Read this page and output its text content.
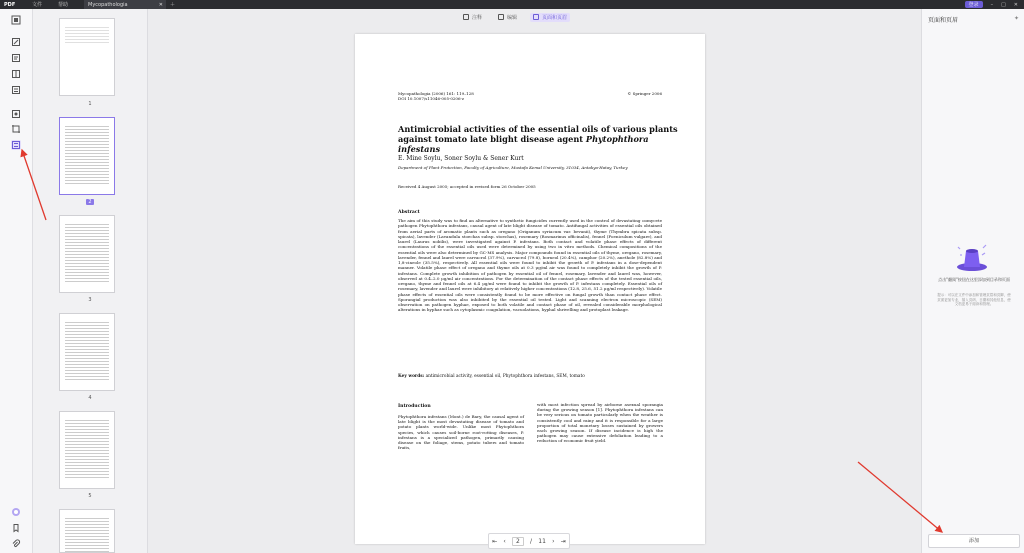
PDF	文件	帮助	Mycopathologia	✕ ＋	登录	– □ ✕
1
2
3
4
5
注释	编辑	页面和页眉
Mycopathologia (2006) 161: 119–128
DOI 10.1007/s11046-005-0206-z
© Springer 2006
Antimicrobial activities of the essential oils of various plants
against tomato late blight disease agent Phytophthora infestans
E. Mine Soylu, Soner Soylu & Sener Kurt
Department of Plant Protection, Faculty of Agriculture, Mustafa Kemal University, 31034, Antakya-Hatay, Turkey
Received 4 August 2005; accepted in revised form 26 October 2005
Abstract
The aim of this study was to find an alternative to synthetic fungicides currently used in the control of devastating oomycete pathogen Phytophthora infestans, causal agent of late blight disease of tomato. Antifungal activities of essential oils obtained from aerial parts of aromatic plants such as oregano (Origanum syriacum var. bevanii), thyme (Thymbra spicata subsp. spicata), lavender (Lavandula stoechas subsp. stoechas), rosemary (Rosmarinus officinalis), fennel (Foeniculum vulgare), and laurel (Laurus nobilis), were investigated against P. infestans. Both contact and volatile phase effects of different concentrations of the essential oils used were determined by using two in vitro methods. Chemical compositions of the essential oils were also determined by GC-MS analysis. Major compounds found in essential oils of thyme, oregano, rosemary, lavender, fennel and laurel were carvacrol (37.9%), carvacrol (79.8), borneol (20.4%), camphor (20.2%), anethole (82.8%) and 1,8-cineole (35.5%), respectively. All essential oils were found to inhibit the growth of P. infestans in a dose-dependent manner. Volatile phase effect of oregano and thyme oils at 0.3 μg/ml air was found to completely inhibit the growth of P. infestans. Complete growth inhibition of pathogen by essential oil of fennel, rosemary, lavender and laurel was, however, observed at 0.4–2.0 μg/ml air concentrations. For the determination of the contact phase effects of the tested essential oils, oregano, thyme and fennel oils at 6.4 μg/ml were found to inhibit the growth of P. infestans completely. Essential oils of rosemary, lavender and laurel were inhibitory at relatively higher concentrations (12.8, 25.6, 51.2 μg/ml respectively). Volatile phase effects of essential oils were consistently found to be more effective on fungal growth than contact phase effect. Sporangial production was also inhibited by the essential oil tested. Light and scanning electron microscopic (SEM) observation on pathogen hyphae, exposed to both volatile and contact phase of oil, revealed considerable morphological alterations in hyphae such as cytoplasmic coagulation, vacuolations, hyphal shrivelling and protoplast leakage.
Key words: antimicrobial activity, essential oil, Phytophthora infestans, SEM, tomato
Introduction
Phytophthora infestans (Mont.) de Bary, the causal agent of late blight is the most devastating disease of tomato and potato plants world-wide. Unlike most Phytophthora species, which causes soil-borne root-rotting diseases, P. infestans is a specialized pathogen, primarily causing disease on the foliage, stems, potato tubers and tomato fruits,
with most infection spread by airborne asexual sporangia during the growing season [1]. Phytophthora infestans can be very serious on tomato particularly when the weather is consistently cool and rainy and it is responsible for a large proportion of total monetary losses sustained by growers each growing season. If disease incidence is high the pathogen may cause extensive defoliation leading to a reduction of economic fruit yield.
⇤ ‹	2	/ 11 › ⇥
页面和页眉	✦
点击"翻阅"按钮在这里添加到目录和页面
提示：可以在文件中添加和管理页眉和页脚，使页面更加专业，插入页码、日期和其他信息，使文档更易于阅读和管理。
添加
